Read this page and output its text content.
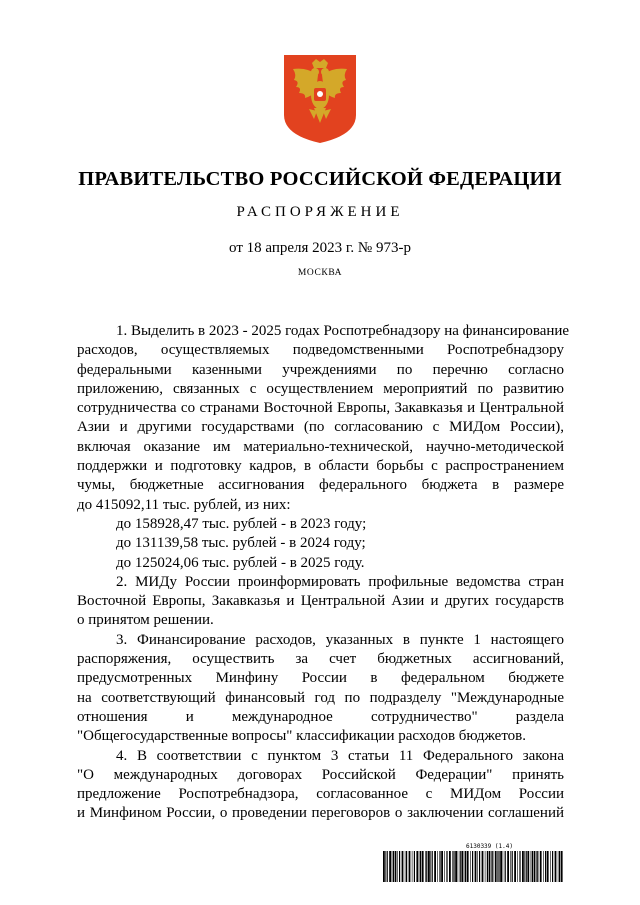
ПРАВИТЕЛЬСТВО РОССИЙСКОЙ ФЕДЕРАЦИИ
РАСПОРЯЖЕНИЕ
от 18 апреля 2023 г. № 973-р
МОСКВА
1. Выделить в 2023 - 2025 годах Роспотребнадзору на финансирование
расходов, осуществляемых подведомственными Роспотребнадзору
федеральными казенными учреждениями по перечню согласно
приложению, связанных с осуществлением мероприятий по развитию
сотрудничества со странами Восточной Европы, Закавказья и Центральной
Азии и другими государствами (по согласованию с МИДом России),
включая оказание им материально-технической, научно-методической
поддержки и подготовку кадров, в области борьбы с распространением
чумы, бюджетные ассигнования федерального бюджета в размере
до 415092,11 тыс. рублей, из них:
до 158928,47 тыс. рублей - в 2023 году;
до 131139,58 тыс. рублей - в 2024 году;
до 125024,06 тыс. рублей - в 2025 году.
2. МИДу России проинформировать профильные ведомства стран
Восточной Европы, Закавказья и Центральной Азии и других государств
о принятом решении.
3. Финансирование расходов, указанных в пункте 1 настоящего
распоряжения, осуществить за счет бюджетных ассигнований,
предусмотренных Минфину России в федеральном бюджете
на соответствующий финансовый год по подразделу "Международные
отношения и международное сотрудничество" раздела
"Общегосударственные вопросы" классификации расходов бюджетов.
4. В соответствии с пунктом 3 статьи 11 Федерального закона
"О международных договорах Российской Федерации" принять
предложение Роспотребнадзора, согласованное с МИДом России
и Минфином России, о проведении переговоров о заключении соглашений
6130339 (1.4)
